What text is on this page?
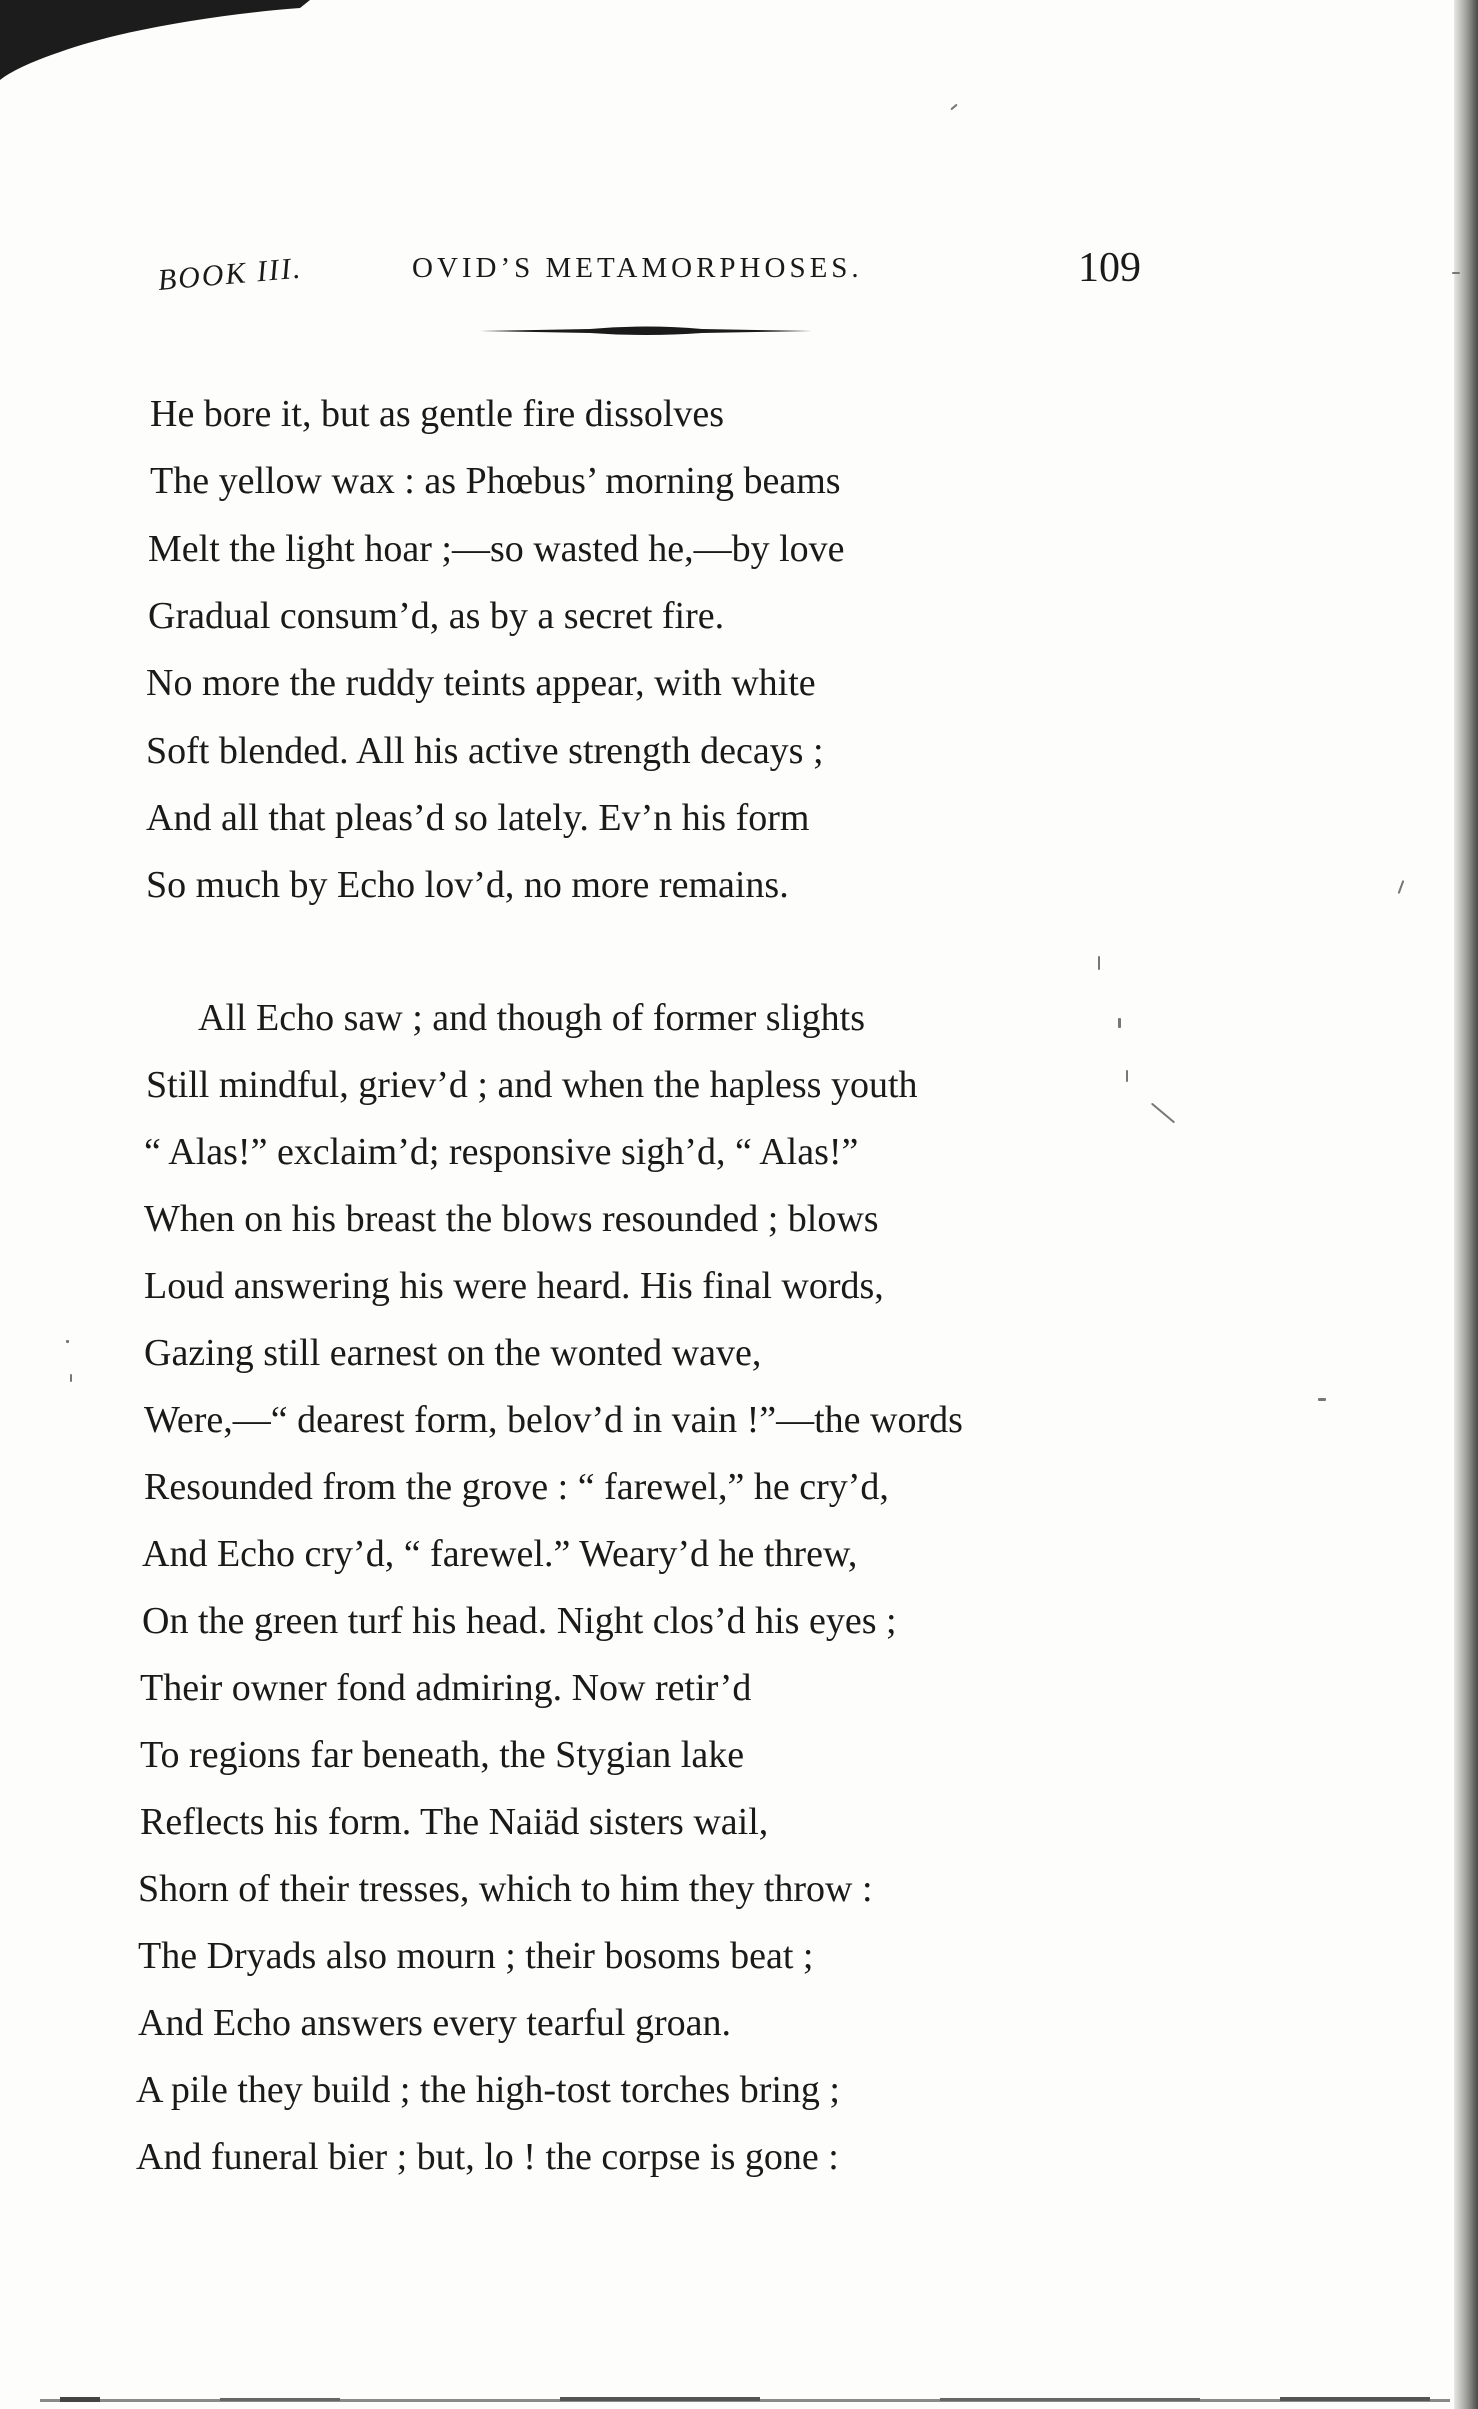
BOOK III.	OVID’S METAMORPHOSES.	109
He bore it, but as gentle fire dissolves
The yellow wax : as Phœbus’ morning beams
Melt the light hoar ;—so wasted he,—by love
Gradual consum’d, as by a secret fire.
No more the ruddy teints appear, with white
Soft blended. All his active strength decays ;
And all that pleas’d so lately. Ev’n his form
So much by Echo lov’d, no more remains.
All Echo saw ; and though of former slights
Still mindful, griev’d ; and when the hapless youth
“ Alas!” exclaim’d; responsive sigh’d, “ Alas!”
When on his breast the blows resounded ; blows
Loud answering his were heard. His final words,
Gazing still earnest on the wonted wave,
Were,—“ dearest form, belov’d in vain !”—the words
Resounded from the grove : “ farewel,” he cry’d,
And Echo cry’d, “ farewel.” Weary’d he threw,
On the green turf his head. Night clos’d his eyes ;
Their owner fond admiring. Now retir’d
To regions far beneath, the Stygian lake
Reflects his form. The Naiäd sisters wail,
Shorn of their tresses, which to him they throw :
The Dryads also mourn ; their bosoms beat ;
And Echo answers every tearful groan.
A pile they build ; the high-tost torches bring ;
And funeral bier ; but, lo ! the corpse is gone :
